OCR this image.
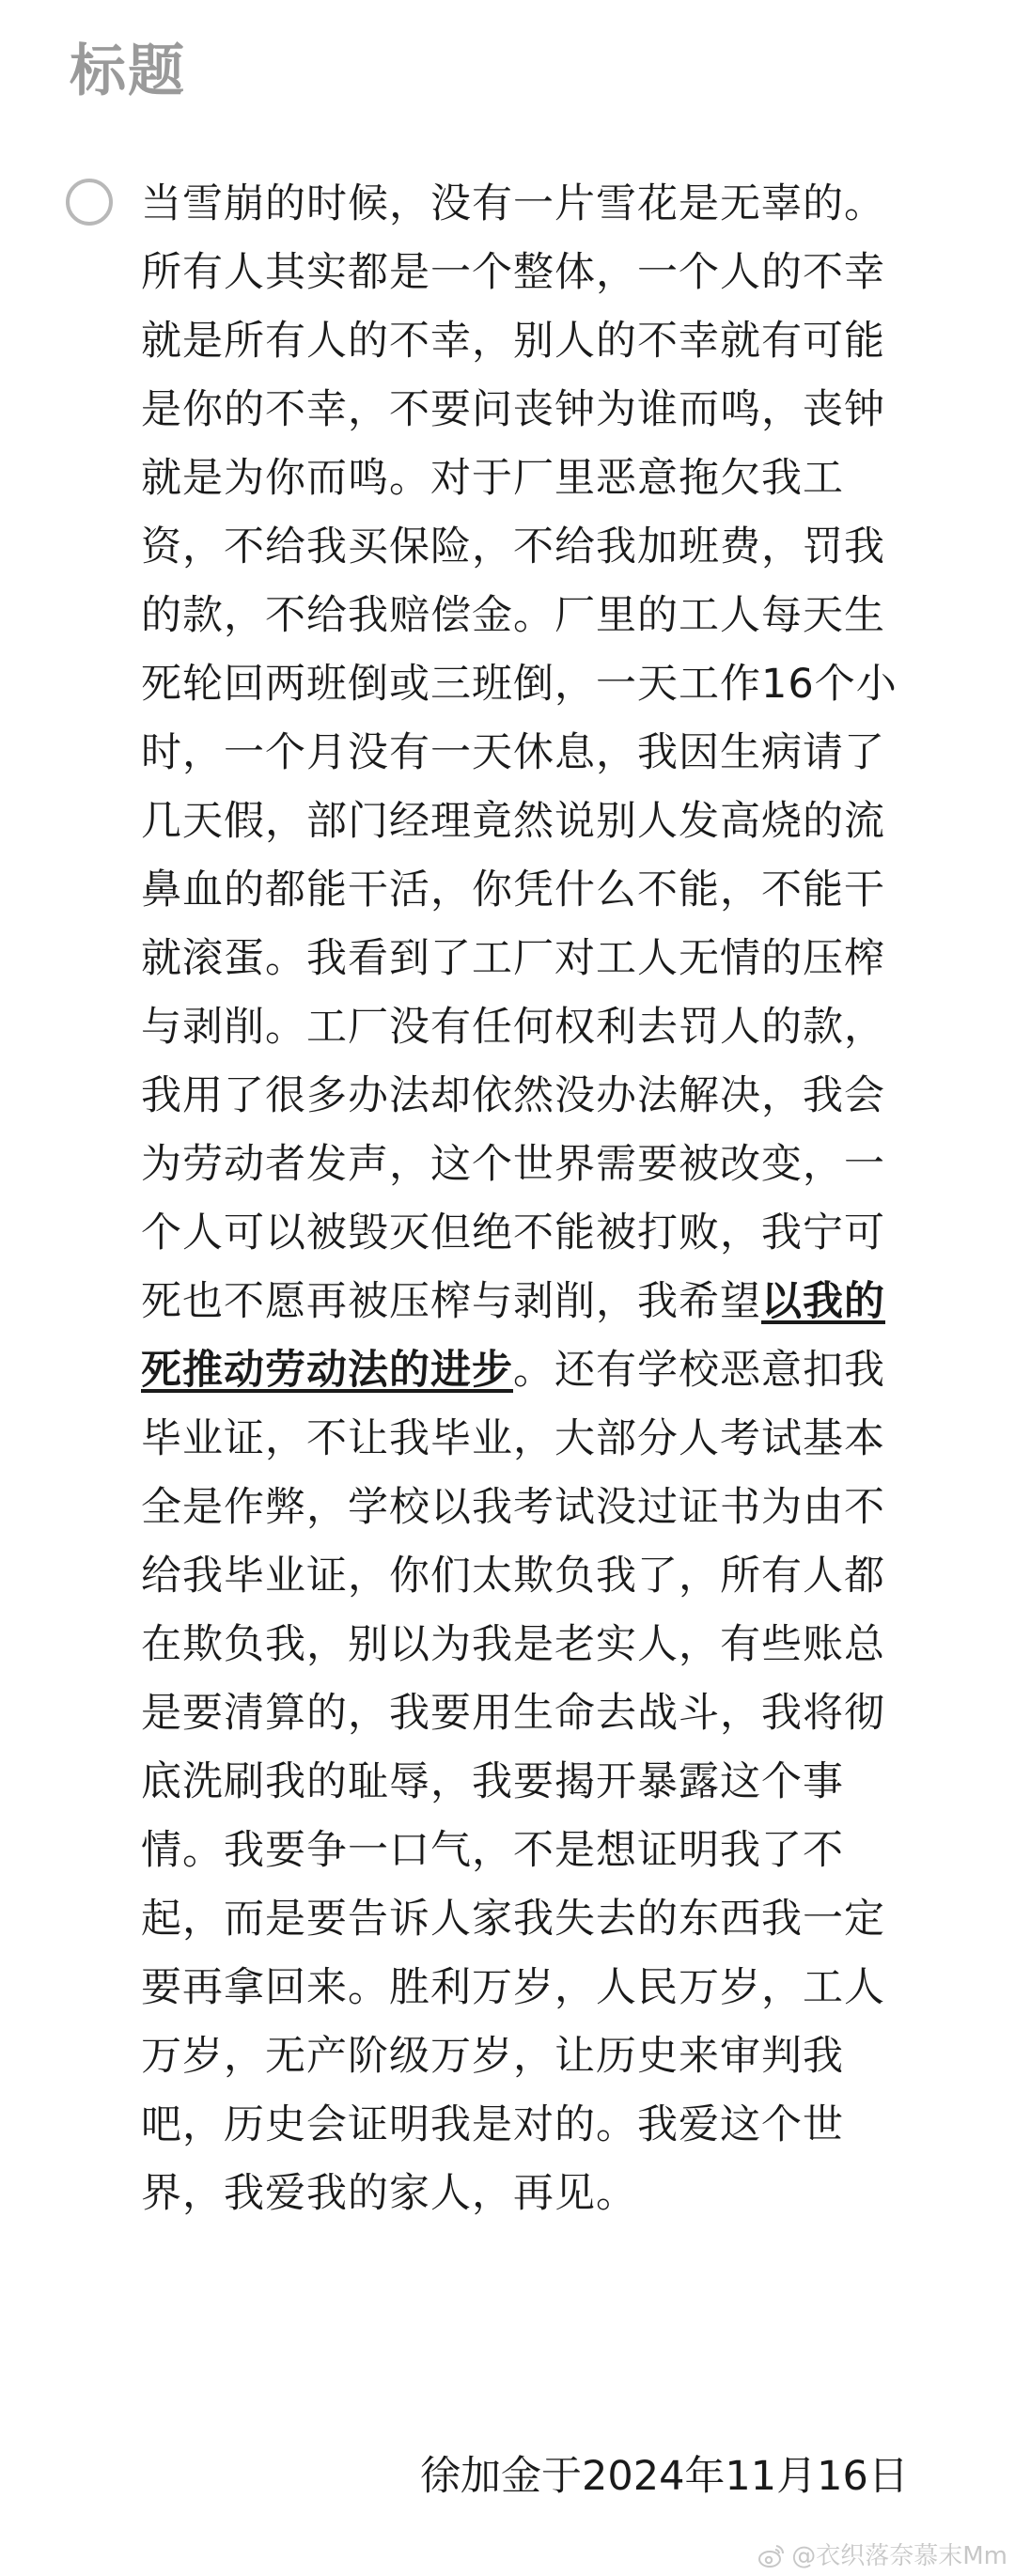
标题
当雪崩的时候，没有一片雪花是无辜的。
所有人其实都是一个整体，一个人的不幸
就是所有人的不幸，别人的不幸就有可能
是你的不幸，不要问丧钟为谁而鸣，丧钟
就是为你而鸣。对于厂里恶意拖欠我工
资，不给我买保险，不给我加班费，罚我
的款，不给我赔偿金。厂里的工人每天生
死轮回两班倒或三班倒，一天工作16个小
时，一个月没有一天休息，我因生病请了
几天假，部门经理竟然说别人发高烧的流
鼻血的都能干活，你凭什么不能，不能干
就滚蛋。我看到了工厂对工人无情的压榨
与剥削。工厂没有任何权利去罚人的款，
我用了很多办法却依然没办法解决，我会
为劳动者发声，这个世界需要被改变，一
个人可以被毁灭但绝不能被打败，我宁可
死也不愿再被压榨与剥削，我希望以我的
死推动劳动法的进步。还有学校恶意扣我
毕业证，不让我毕业，大部分人考试基本
全是作弊，学校以我考试没过证书为由不
给我毕业证，你们太欺负我了，所有人都
在欺负我，别以为我是老实人，有些账总
是要清算的，我要用生命去战斗，我将彻
底洗刷我的耻辱，我要揭开暴露这个事
情。我要争一口气，不是想证明我了不
起，而是要告诉人家我失去的东西我一定
要再拿回来。胜利万岁，人民万岁，工人
万岁，无产阶级万岁，让历史来审判我
吧，历史会证明我是对的。我爱这个世
界，我爱我的家人，再见。
徐加金于2024年11月16日
@衣织落奈慕末Mm
